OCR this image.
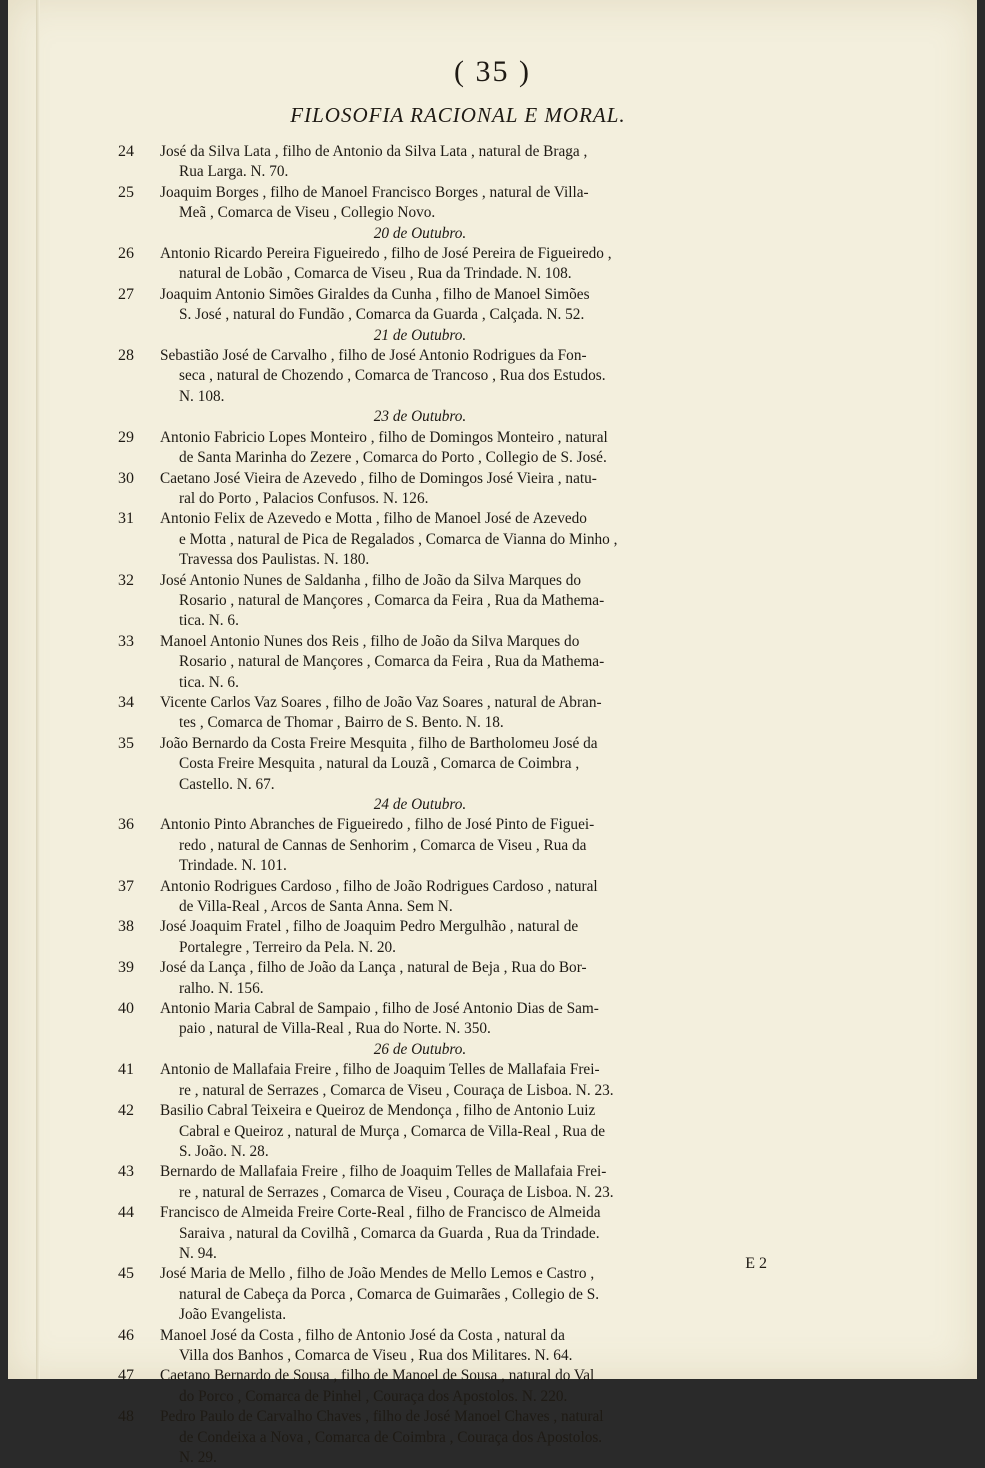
( 35 )
FILOSOFIA RACIONAL E MORAL.
24	José da Silva Lata , filho de Antonio da Silva Lata , natural de Braga ,
Rua Larga. N. 70.
25	Joaquim Borges , filho de Manoel Francisco Borges , natural de Villa-
Meã , Comarca de Viseu , Collegio Novo.
20 de Outubro.
26	Antonio Ricardo Pereira Figueiredo , filho de José Pereira de Figueiredo ,
natural de Lobão , Comarca de Viseu , Rua da Trindade. N. 108.
27	Joaquim Antonio Simões Giraldes da Cunha , filho de Manoel Simões
S. José , natural do Fundão , Comarca da Guarda , Calçada. N. 52.
21 de Outubro.
28	Sebastião José de Carvalho , filho de José Antonio Rodrigues da Fon-
seca , natural de Chozendo , Comarca de Trancoso , Rua dos Estudos.
N. 108.
23 de Outubro.
29	Antonio Fabricio Lopes Monteiro , filho de Domingos Monteiro , natural
de Santa Marinha do Zezere , Comarca do Porto , Collegio de S. José.
30	Caetano José Vieira de Azevedo , filho de Domingos José Vieira , natu-
ral do Porto , Palacios Confusos. N. 126.
31	Antonio Felix de Azevedo e Motta , filho de Manoel José de Azevedo
e Motta , natural de Pica de Regalados , Comarca de Vianna do Minho ,
Travessa dos Paulistas. N. 180.
32	José Antonio Nunes de Saldanha , filho de João da Silva Marques do
Rosario , natural de Mançores , Comarca da Feira , Rua da Mathema-
tica. N. 6.
33	Manoel Antonio Nunes dos Reis , filho de João da Silva Marques do
Rosario , natural de Mançores , Comarca da Feira , Rua da Mathema-
tica. N. 6.
34	Vicente Carlos Vaz Soares , filho de João Vaz Soares , natural de Abran-
tes , Comarca de Thomar , Bairro de S. Bento. N. 18.
35	João Bernardo da Costa Freire Mesquita , filho de Bartholomeu José da
Costa Freire Mesquita , natural da Louzã , Comarca de Coimbra ,
Castello. N. 67.
24 de Outubro.
36	Antonio Pinto Abranches de Figueiredo , filho de José Pinto de Figuei-
redo , natural de Cannas de Senhorim , Comarca de Viseu , Rua da
Trindade. N. 101.
37	Antonio Rodrigues Cardoso , filho de João Rodrigues Cardoso , natural
de Villa-Real , Arcos de Santa Anna. Sem N.
38	José Joaquim Fratel , filho de Joaquim Pedro Mergulhão , natural de
Portalegre , Terreiro da Pela. N. 20.
39	José da Lança , filho de João da Lança , natural de Beja , Rua do Bor-
ralho. N. 156.
40	Antonio Maria Cabral de Sampaio , filho de José Antonio Dias de Sam-
paio , natural de Villa-Real , Rua do Norte. N. 350.
26 de Outubro.
41	Antonio de Mallafaia Freire , filho de Joaquim Telles de Mallafaia Frei-
re , natural de Serrazes , Comarca de Viseu , Couraça de Lisboa. N. 23.
42	Basilio Cabral Teixeira e Queiroz de Mendonça , filho de Antonio Luiz
Cabral e Queiroz , natural de Murça , Comarca de Villa-Real , Rua de
S. João. N. 28.
43	Bernardo de Mallafaia Freire , filho de Joaquim Telles de Mallafaia Frei-
re , natural de Serrazes , Comarca de Viseu , Couraça de Lisboa. N. 23.
44	Francisco de Almeida Freire Corte-Real , filho de Francisco de Almeida
Saraiva , natural da Covilhã , Comarca da Guarda , Rua da Trindade.
N. 94.
45	José Maria de Mello , filho de João Mendes de Mello Lemos e Castro ,
natural de Cabeça da Porca , Comarca de Guimarães , Collegio de S.
João Evangelista.
46	Manoel José da Costa , filho de Antonio José da Costa , natural da
Villa dos Banhos , Comarca de Viseu , Rua dos Militares. N. 64.
47	Caetano Bernardo de Sousa , filho de Manoel de Sousa , natural do Val
do Porco , Comarca de Pinhel , Couraça dos Apostolos. N. 220.
48	Pedro Paulo de Carvalho Chaves , filho de José Manoel Chaves , natural
de Condeixa a Nova , Comarca de Coimbra , Couraça dos Apostolos.
N. 29.
E 2
